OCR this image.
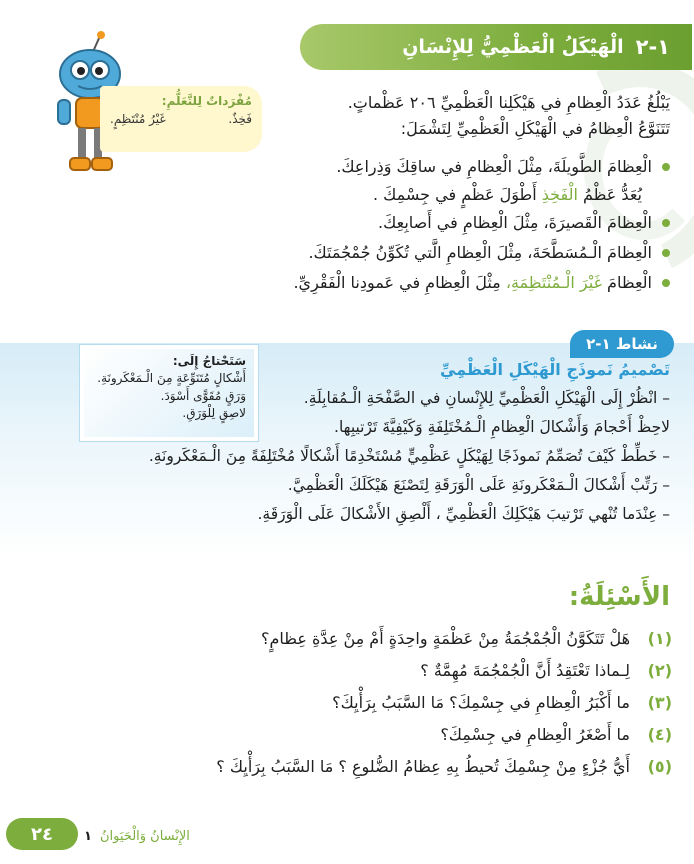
١-٢
الْهَيْكَلُ الْعَظْمِيُّ لِلإِنْسَانِ
مُفْرَداتٌ لِلتَّعَلُّمِ:
فَخِذٌ.
غَيْرُ مُنْتَظِمٍ.

يَبْلُغُ عَدَدُ الْعِظامِ في هَيْكَلِنا الْعَظْمِيِّ ٢٠٦ عَظْماتٍ.

تَتَنَوَّعُ الْعِظامُ في الْهَيْكَلِ الْعَظْمِيِّ لِتَشْمَلَ:

الْعِظامَ الطَّويلَةَ، مِثْلَ الْعِظامِ في ساقِكَ وَذِراعِكَ.
يُعَدُّ عَظْمُ الْفَخِذِ أَطْوَلَ عَظْمٍ في جِسْمِكَ .
الْعِظامَ الْقَصيرَةَ، مِثْلَ الْعِظامِ في أَصابِعِكَ.
الْعِظامَ الْـمُسَطَّحَةَ، مِثْلَ الْعِظامِ الَّتي تُكَوِّنُ جُمْجُمَتَكَ.
الْعِظامَ غَيْرَ الْـمُنْتَظِمَةِ، مِثْلَ الْعِظامِ في عَمودِنا الْفَقْرِيِّ.
نشاط ١-٢
سَتَحْتاجُ إِلَى:
أَشْكالٍ مُتَنَوِّعَةٍ مِنَ الْـمَعْكَرونَةِ.
وَرَقٍ مُقَوًّى أَسْوَدَ.
لاصِقٍ لِلْوَرَقِ.
تَصْميمُ نَموذَجِ الْهَيْكَلِ الْعَظْمِيِّ

– انْظُرْ إِلَى الْهَيْكَلِ الْعَظْمِيِّ لِلإِنْسانِ في الصَّفْحَةِ الْـمُقابِلَةِ.

لاحِظْ أَحْجامَ وَأَشْكالَ الْعِظامِ الْـمُخْتَلِفَةِ وَكَيْفِيَّةَ تَرْتيبِها.

– خَطِّطْ كَيْفَ تُصَمِّمُ نَموذَجًا لِهَيْكَلٍ عَظْمِيٍّ مُسْتَخْدِمًا أَشْكالًا مُخْتَلِفَةً مِنَ الْـمَعْكَرونَةِ.

– رَتِّبْ أَشْكالَ الْـمَعْكَرونَةِ عَلَى الْوَرَقَةِ لِتَصْنَعَ هَيْكَلَكَ الْعَظْمِيَّ.

– عِنْدَما تُنْهي تَرْتيبَ هَيْكَلِكَ الْعَظْمِيِّ ، أَلْصِقِ الأَشْكالَ عَلَى الْوَرَقَةِ.

الأَسْئِلَةُ:
(١)
هَلْ تَتَكَوَّنُ الْجُمْجُمَةُ مِنْ عَظْمَةٍ واحِدَةٍ أَمْ مِنْ عِدَّةِ عِظامٍ؟
(٢)
لِـماذا تَعْتَقِدُ أَنَّ الْجُمْجُمَةَ مُهِمَّةٌ ؟
(٣)
ما أَكْبَرُ الْعِظامِ في جِسْمِكَ؟ مَا السَّبَبُ بِرَأْيِكَ؟
(٤)
ما أَصْغَرُ الْعِظامِ في جِسْمِكَ؟
(٥)
أَيُّ جُزْءٍ مِنْ جِسْمِكَ تُحيطُ بِهِ عِظامُ الضُّلوعِ ؟ مَا السَّبَبُ بِرَأْيِكَ ؟
٢٤	١ الإِنْسانُ وَالْحَيَوانُ
